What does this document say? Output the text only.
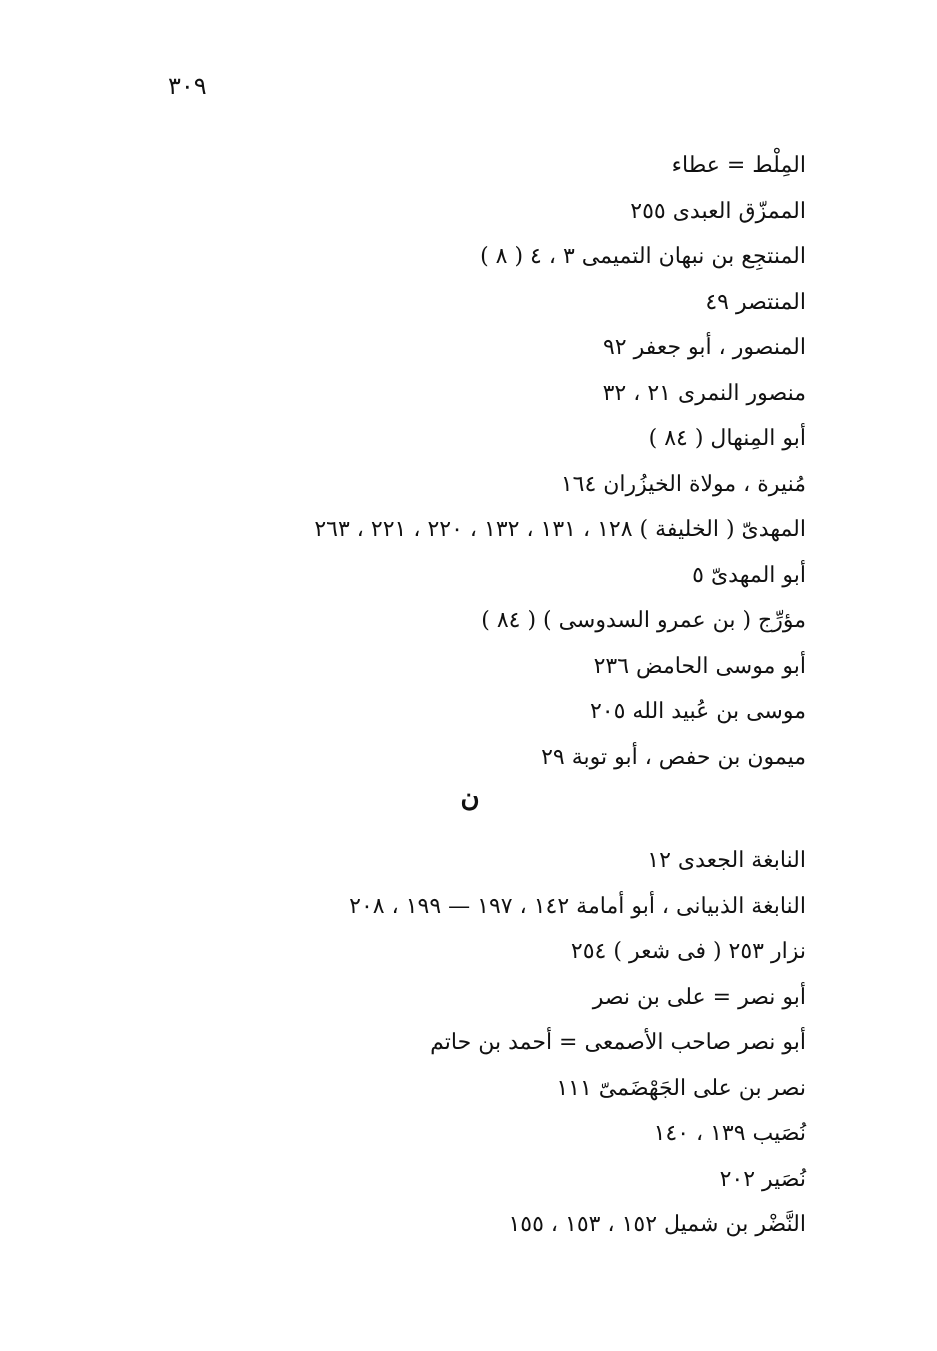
٣٠٩
المِلْط = عطاء
الممزّق العبدى ٢٥٥
المنتجِع بن نبهان التميمى ٣ ، ٤ ( ٨ )
المنتصر ٤٩
المنصور ، أبو جعفر ٩٢
منصور النمرى ٢١ ، ٣٢
أبو المِنهال ( ٨٤ )
مُنيرة ، مولاة الخيزُران ١٦٤
المهدىّ ( الخليفة ) ١٢٨ ، ١٣١ ، ١٣٢ ، ٢٢٠ ، ٢٢١ ، ٢٦٣
أبو المهدىّ ٥
مؤرِّج ( بن عمرو السدوسى ) ( ٨٤ )
أبو موسى الحامض ٢٣٦
موسى بن عُبيد الله ٢٠٥
ميمون بن حفص ، أبو توبة ٢٩
ن
النابغة الجعدى ١٢
النابغة الذبيانى ، أبو أمامة ١٤٢ ، ١٩٧ — ١٩٩ ، ٢٠٨
نزار ٢٥٣ ( فى شعر ) ٢٥٤
أبو نصر = على بن نصر
أبو نصر صاحب الأصمعى = أحمد بن حاتم
نصر بن على الجَهْضَمىّ ١١١
نُصَيب ١٣٩ ، ١٤٠
نُصَير ٢٠٢
النَّضْر بن شميل ١٥٢ ، ١٥٣ ، ١٥٥
